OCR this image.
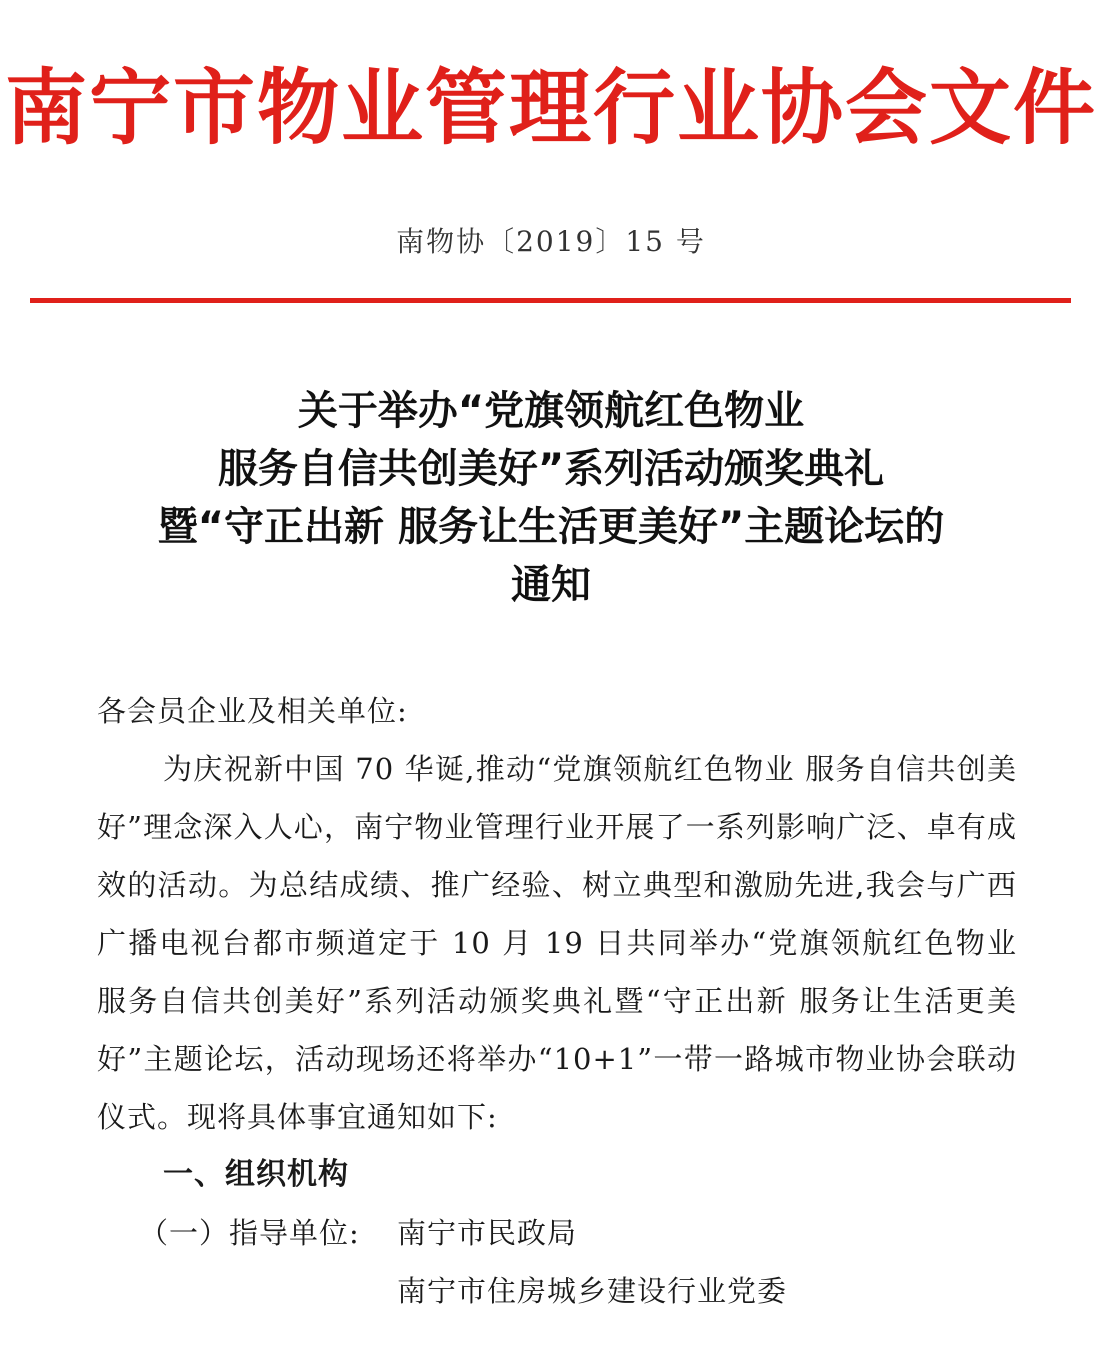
南宁市物业管理行业协会文件
南物协〔2019〕15 号
关于举办“党旗领航红色物业
服务自信共创美好”系列活动颁奖典礼
暨“守正出新 服务让生活更美好”主题论坛的
通知
各会员企业及相关单位:
为庆祝新中国 70 华诞,推动“党旗领航红色物业 服务自信共创美好”理念深入人心，南宁物业管理行业开展了一系列影响广泛、卓有成效的活动。为总结成绩、推广经验、树立典型和激励先进,我会与广西广播电视台都市频道定于 10 月 19 日共同举办“党旗领航红色物业 服务自信共创美好”系列活动颁奖典礼暨“守正出新 服务让生活更美好”主题论坛，活动现场还将举办“10+1”一带一路城市物业协会联动仪式。现将具体事宜通知如下:
一、组织机构
（一）指导单位: 南宁市民政局
南宁市住房城乡建设行业党委
